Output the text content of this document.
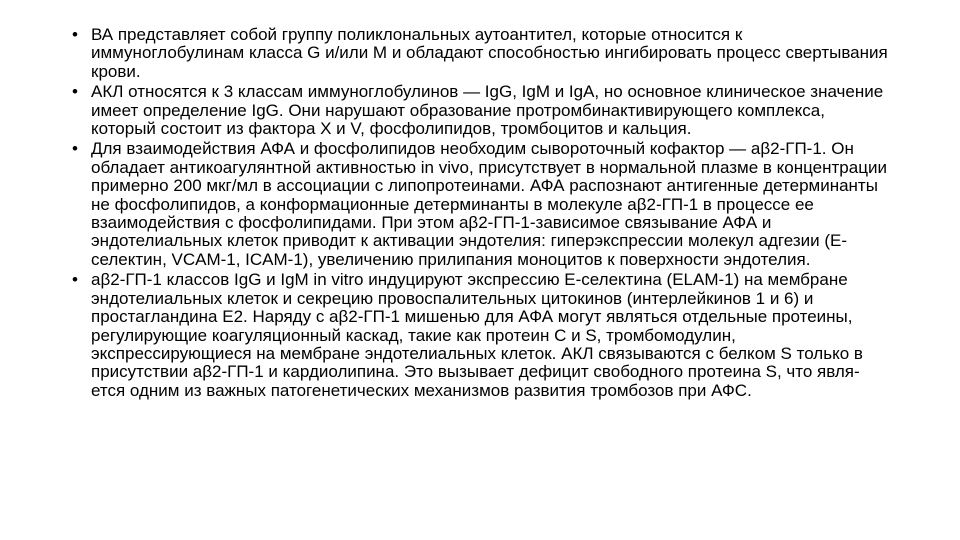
• ВА представляет собой группу поликлональных аутоантител, которые относится к иммуноглобулинам класса G и/или M и обладают способностью ингибировать процесс свертывания крови.
• АКЛ относятся к 3 классам иммуноглобулинов — IgG, IgM и IgA, но основное клиническое значение имеет определение IgG. Они нарушают образование протромбинактивирующего комплекса, который состоит из фактора X и V, фосфолипидов, тромбоцитов и кальция.
• Для взаимодействия АФА и фосфолипидов необходим сывороточный кофактор — aβ2-ГП-1. Он обладает антикоагулянтной активностью in vivo, присутствует в нормальной плазме в концентрации примерно 200 мкг/мл в ассоциации с липопротеинами. АФА распознают антигенные детерминанты не фосфолипидов, а конформационные детерминанты в молекуле aβ2-ГП-1 в процессе ее взаимодействия с фосфолипидами. При этом aβ2-ГП-1-зависимое связывание АФА и эндотелиальных клеток приводит к активации эндотелия: гиперэкспрессии молекул адгезии (Е- селектин, VCAM-1, ICAM-1), увеличению прилипания моноцитов к поверхности эндотелия.
• aβ2-ГП-1 классов IgG и IgM in vitro индуцируют экспрессию Е-селектина (ELAM-1) на мембране эндотелиальных клеток и секрецию провоспалительных цитокинов (интерлейкинов 1 и 6) и простагландина Е2. Наряду с aβ2-ГП-1 мишенью для АФА могут являться отдельные протеины, регулирующие коагуляционный каскад, такие как протеин С и S, тромбомодулин, экспрессирующиеся на мембране эндотелиальных клеток. АКЛ связываются с белком S только в присутствии aβ2-ГП-1 и кардиолипина. Это вызывает дефицит свободного протеина S, что явля- ется одним из важных патогенетических механизмов развития тромбозов при АФС.
